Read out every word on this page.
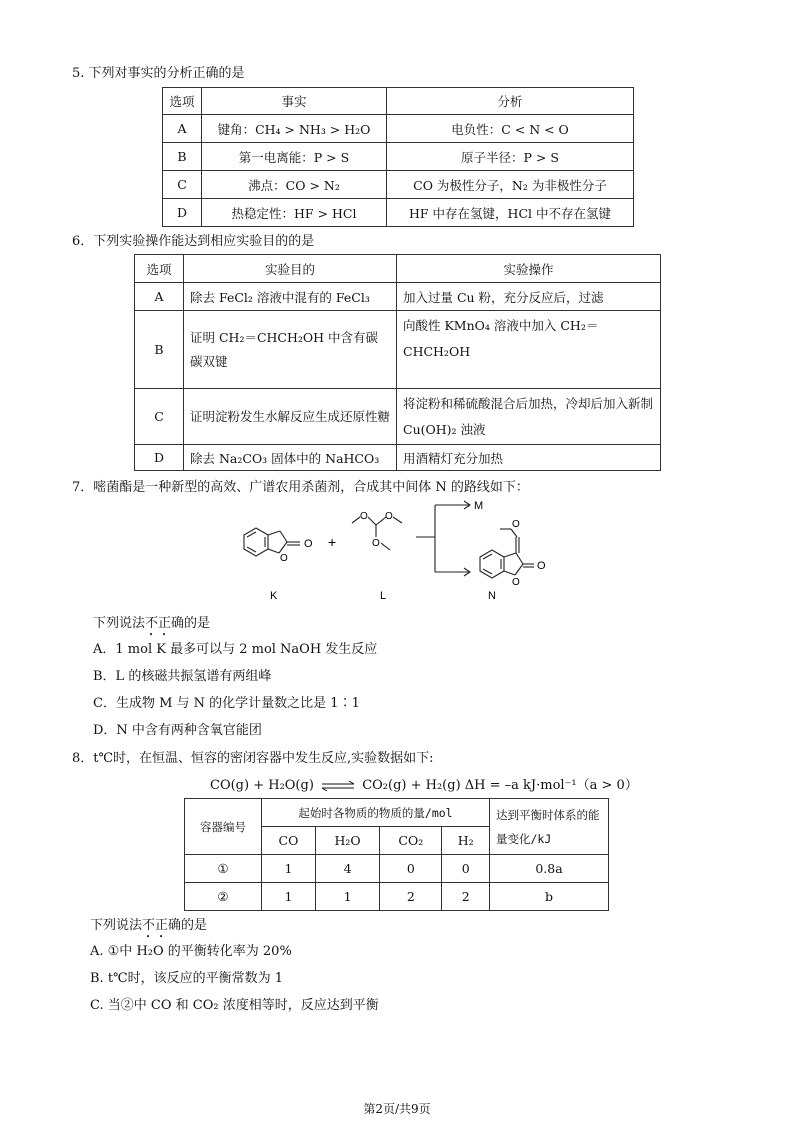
5. 下列对事实的分析正确的是
选项	事实	分析
A	键角：CH₄ > NH₃ > H₂O	电负性：C < N < O
B	第一电离能：P > S	原子半径：P > S
C	沸点：CO > N₂	CO 为极性分子，N₂ 为非极性分子
D	热稳定性：HF > HCl	HF 中存在氢键，HCl 中不存在氢键
6．下列实验操作能达到相应实验目的的是
选项	实验目的	实验操作
A	除去 FeCl₂ 溶液中混有的 FeCl₃	加入过量 Cu 粉，充分反应后，过滤
B	证明 CH₂＝CHCH₂OH 中含有碳碳双键	向酸性 KMnO₄ 溶液中加入 CH₂＝CHCH₂OH
C	证明淀粉发生水解反应生成还原性糖	将淀粉和稀硫酸混合后加热，冷却后加入新制 Cu(OH)₂ 浊液
D	除去 Na₂CO₃ 固体中的 NaHCO₃	用酒精灯充分加热
7．嘧菌酯是一种新型的高效、广谱农用杀菌剂，合成其中间体 N 的路线如下：
O
O
K
+
O O
O
L
M
O
O
O
N
下列说法不正确的是
A．1 mol K 最多可以与 2 mol NaOH 发生反应
B．L 的核磁共振氢谱有两组峰
C．生成物 M 与 N 的化学计量数之比是 1∶1
D．N 中含有两种含氧官能团
8．t℃时，在恒温、恒容的密闭容器中发生反应,实验数据如下:
CO(g) + H₂O(g) ⇌ CO₂(g) + H₂(g) ΔH = –a kJ·mol⁻¹（a > 0）
容器编号	起始时各物质的物质的量/mol				达到平衡时体系的能量变化/kJ
	CO	H₂O	CO₂	H₂	
①	1	4	0	0	0.8a
②	1	1	2	2	b
下列说法不正确的是
A. ①中 H₂O 的平衡转化率为 20%
B. t℃时，该反应的平衡常数为 1
C. 当②中 CO 和 CO₂ 浓度相等时，反应达到平衡
第2页/共9页
